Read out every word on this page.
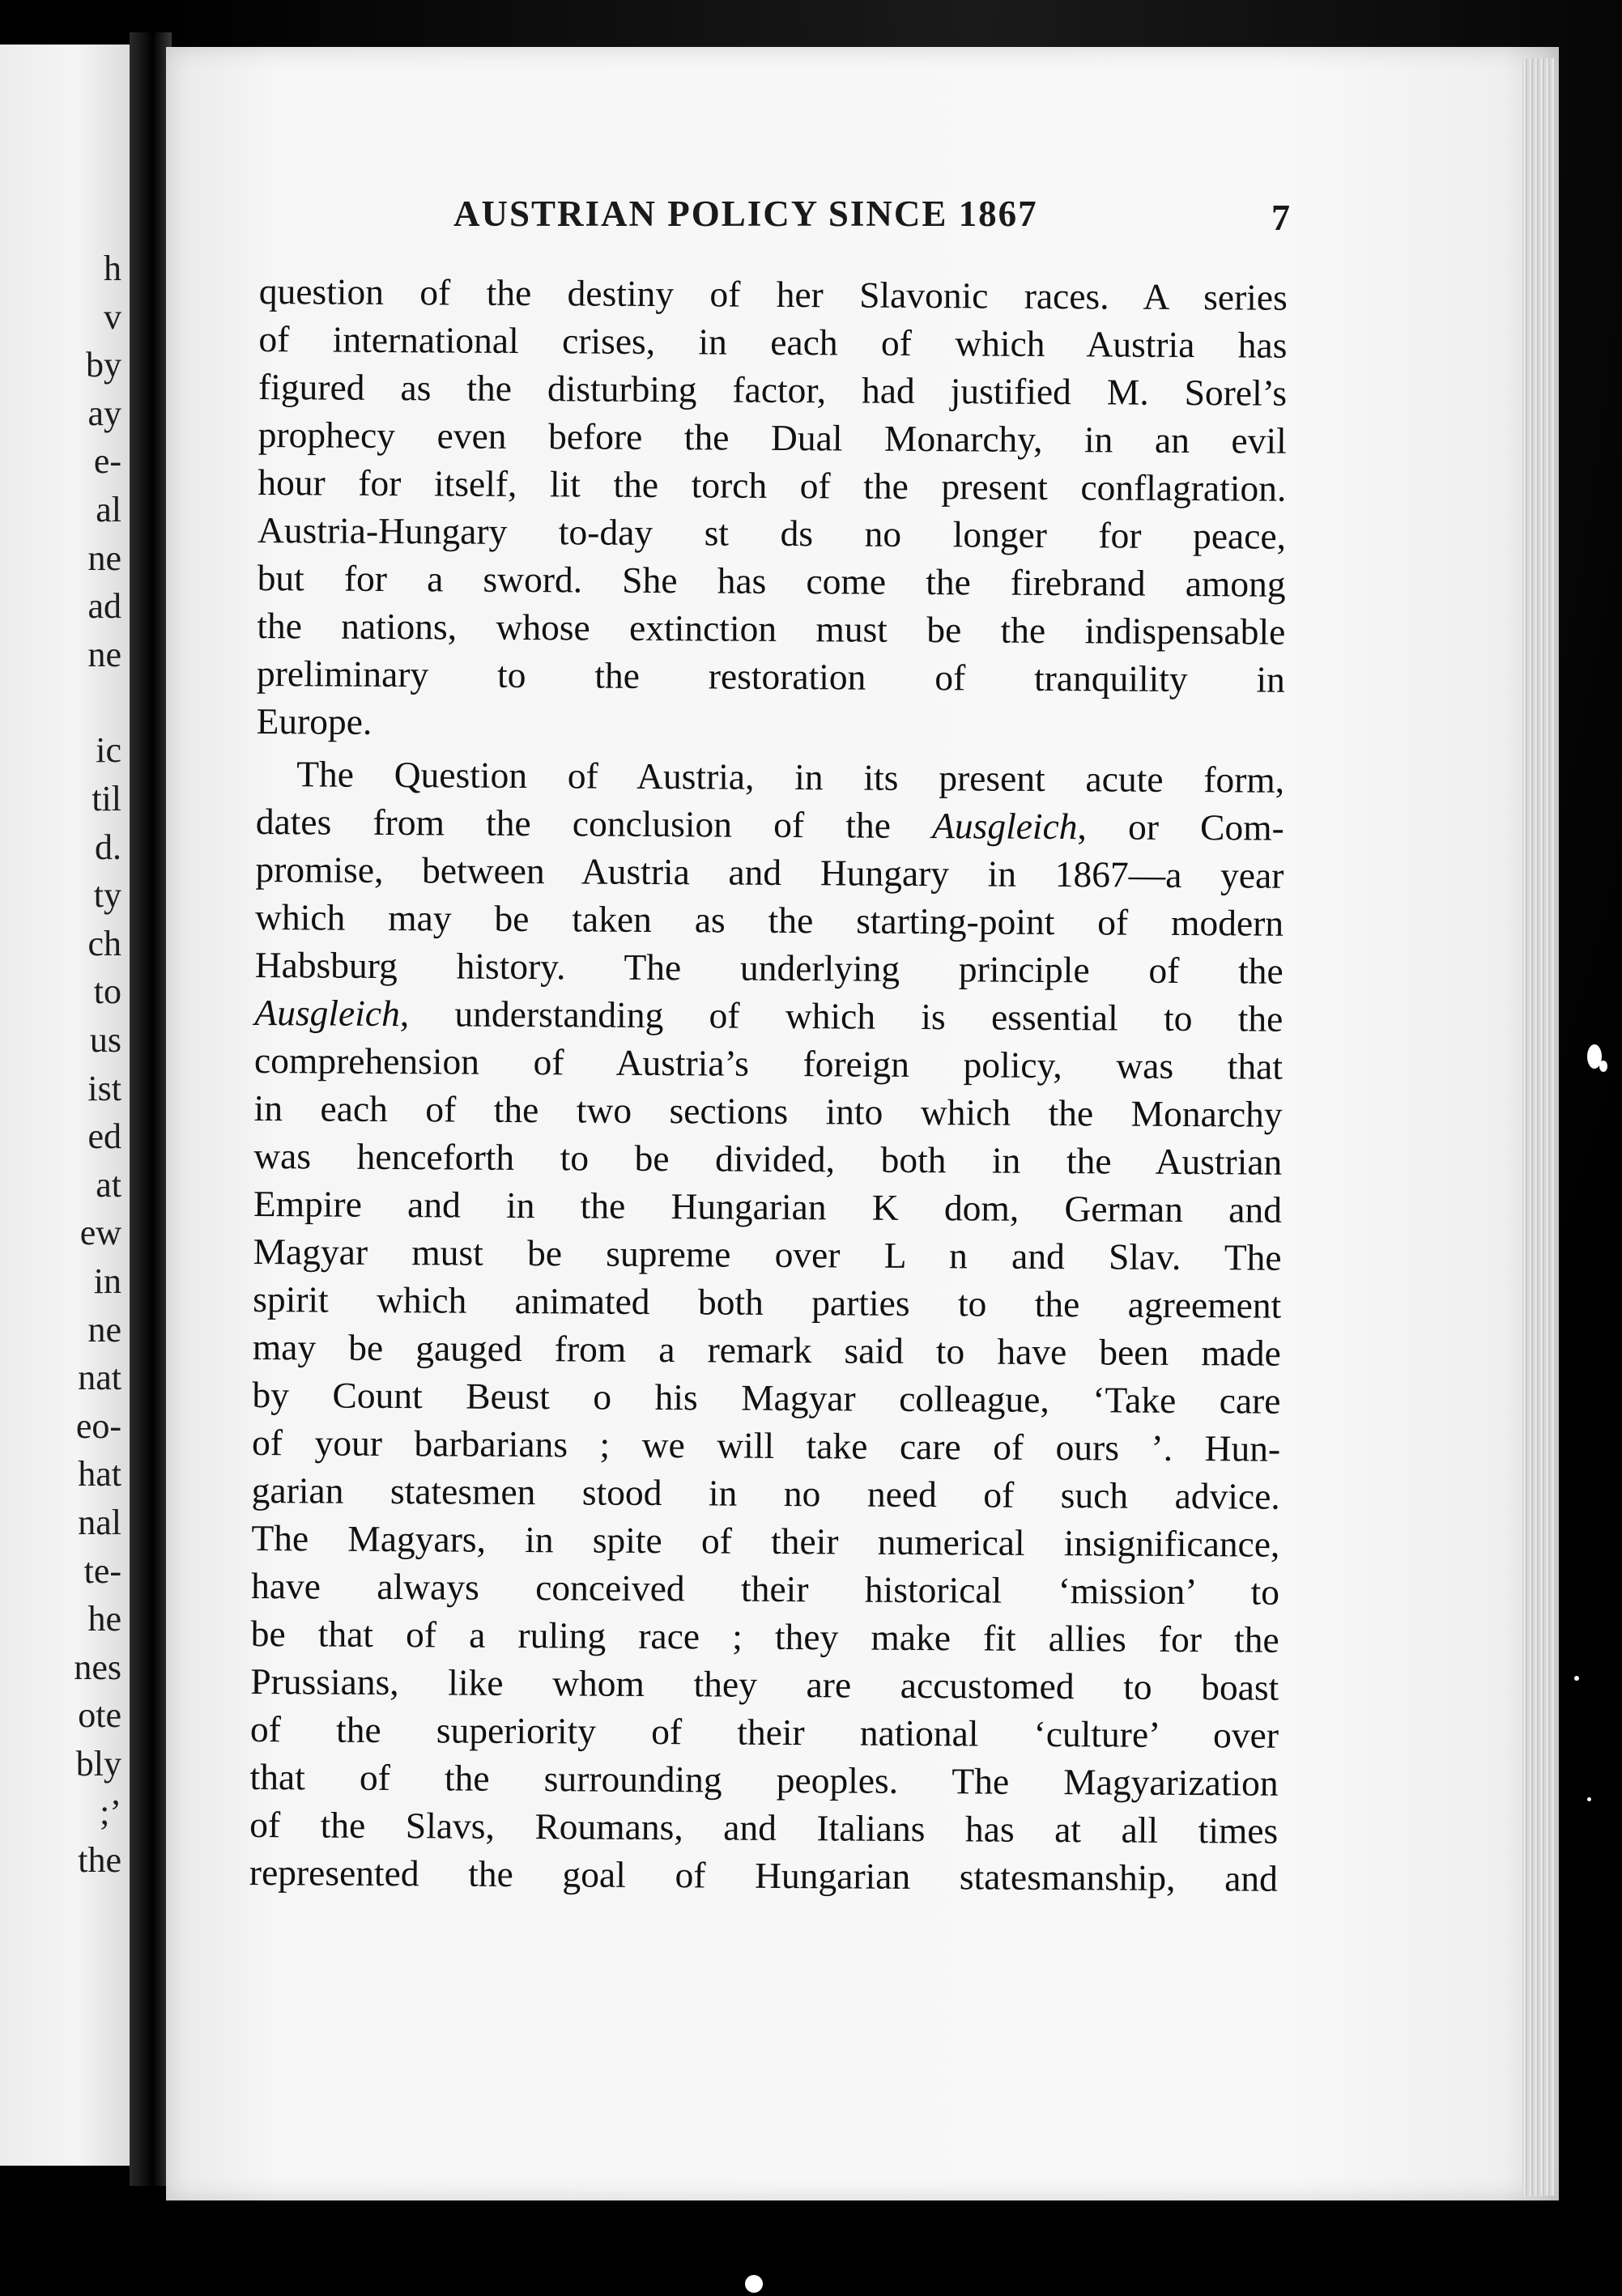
h
v
by
ay
e-
al
ne
ad
ne
ic
til
d.
ty
ch
to
us
ist
ed
at
ew
in
ne
nat
eo-
hat
nal
te-
he
nes
ote
bly
;’
the
AUSTRIAN POLICY SINCE 1867	7
question of the destiny of her Slavonic races. A series
of international crises, in each of which Austria has
figured as the disturbing factor, had justified M. Sorel’s
prophecy even before the Dual Monarchy, in an evil
hour for itself, lit the torch of the present conflagration.
Austria-Hungary to-day st ds no longer for peace,
but for a sword. She has come the firebrand among
the nations, whose extinction must be the indispensable
preliminary to the restoration of tranquility in
Europe.
The Question of Austria, in its present acute form,
dates from the conclusion of the Ausgleich, or Com-
promise, between Austria and Hungary in 1867—a year
which may be taken as the starting-point of modern
Habsburg history. The underlying principle of the
Ausgleich, understanding of which is essential to the
comprehension of Austria’s foreign policy, was that
in each of the two sections into which the Monarchy
was henceforth to be divided, both in the Austrian
Empire and in the Hungarian K dom, German and
Magyar must be supreme over L n and Slav. The
spirit which animated both parties to the agreement
may be gauged from a remark said to have been made
by Count Beust o his Magyar colleague, ‘Take care
of your barbarians ; we will take care of ours ’. Hun-
garian statesmen stood in no need of such advice.
The Magyars, in spite of their numerical insignificance,
have always conceived their historical ‘mission’ to
be that of a ruling race ; they make fit allies for the
Prussians, like whom they are accustomed to boast
of the superiority of their national ‘culture’ over
that of the surrounding peoples. The Magyarization
of the Slavs, Roumans, and Italians has at all times
represented the goal of Hungarian statesmanship, and
